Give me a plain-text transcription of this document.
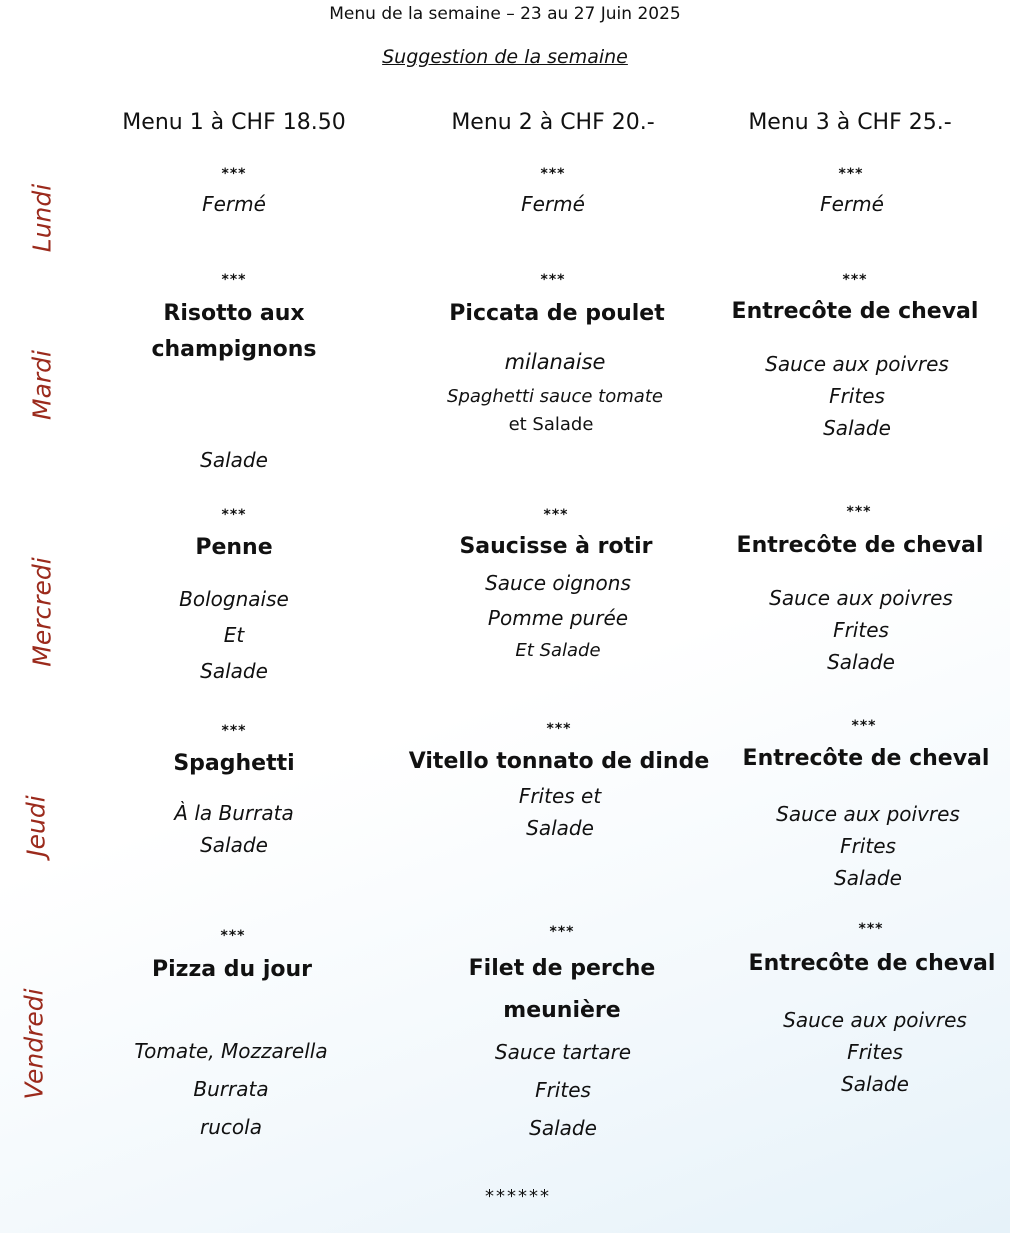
Menu de la semaine – 23 au 27 Juin 2025
Suggestion de la semaine
Menu 1 à CHF 18.50	Menu 2 à CHF 20.-	Menu 3 à CHF 25.-
Lundi
Mardi
Mercredi
Jeudi
Vendredi
***
Fermé
***
Fermé
***
Fermé
***
Risotto aux
champignons
Salade
***
Piccata de poulet
milanaise
Spaghetti sauce tomate
et Salade
***
Entrecôte de cheval
Sauce aux poivres
Frites
Salade
***
Penne
Bolognaise
Et
Salade
***
Saucisse à rotir
Sauce oignons
Pomme purée
Et Salade
***
Entrecôte de cheval
Sauce aux poivres
Frites
Salade
***
Spaghetti
À la Burrata
Salade
***
Vitello tonnato de dinde
Frites et
Salade
***
Entrecôte de cheval
Sauce aux poivres
Frites
Salade
***
Pizza du jour
Tomate, Mozzarella
Burrata
rucola
***
Filet de perche
meunière
Sauce tartare
Frites
Salade
***
Entrecôte de cheval
Sauce aux poivres
Frites
Salade
******
